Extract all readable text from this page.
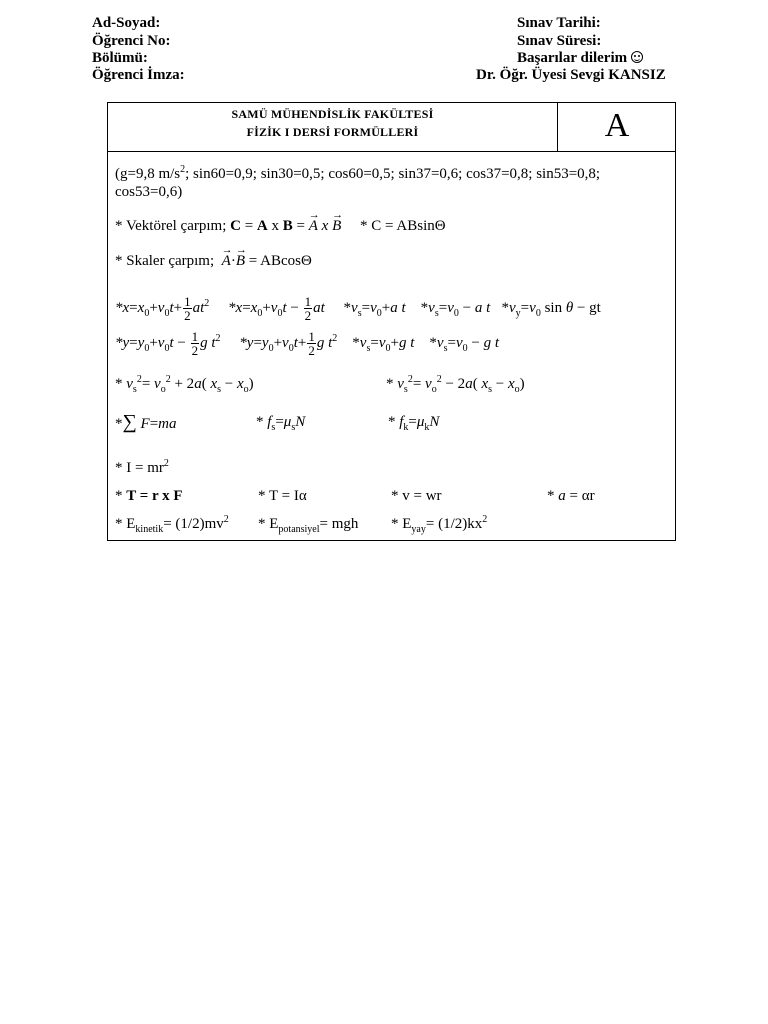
Ad-Soyad:
Öğrenci No:
Bölümü:
Öğrenci İmza:
Sınav Tarihi:
Sınav Süresi:
Başarılar dilerim
Dr. Öğr. Üyesi Sevgi KANSIZ
SAMÜ MÜHENDİSLİK FAKÜLTESİ
FİZİK I DERSİ FORMÜLLERİ	A
(g=9,8 $m/s^2$; sin60=0,9; sin30=0,5; cos60=0,5; sin37=0,6; cos37=0,8; sin53=0,8;
cos53=0,6)
* Vektörel çarpım; C = A x B = → A x → B * C = ABsinΘ
* Skaler çarpım; → A·→ B = ABcosΘ
$*x=x_0+v_0t+ \frac{1}{2} at^2$ $*x=x_0+v_0t - \frac{1}{2}$ at     $*v_s=v_0+a$ t    $*v_s=v_0 - a$ t   $*v_y=v_0$ sin θ − gt
$*y=y_0+v_0t - \frac{1}{2}$ g $t^2$ $*y=y_0+v_0t+ \frac{1}{2}$ g $t^2$    $*v_s=v_0+g$ t    $*v_s=v_0 - g$ t
* $v_s^2= v_o^2 + 2a$( $x_s - x_o$)	* $v_s^2= v_o^2 - 2a$( $x_s - x_o$)
*∑ F=ma	* $f_s=\mu_sN$	* $f_k=\mu_kN$
* $I = mr^2$
* T = r x F	* T = Iα	* v = wr	* a = αr
* $E_{kinetik}= (1/2)mv^2 * E_{potansiyel}=$ mgh * $E_{yay}= (1/2)kx^2$
